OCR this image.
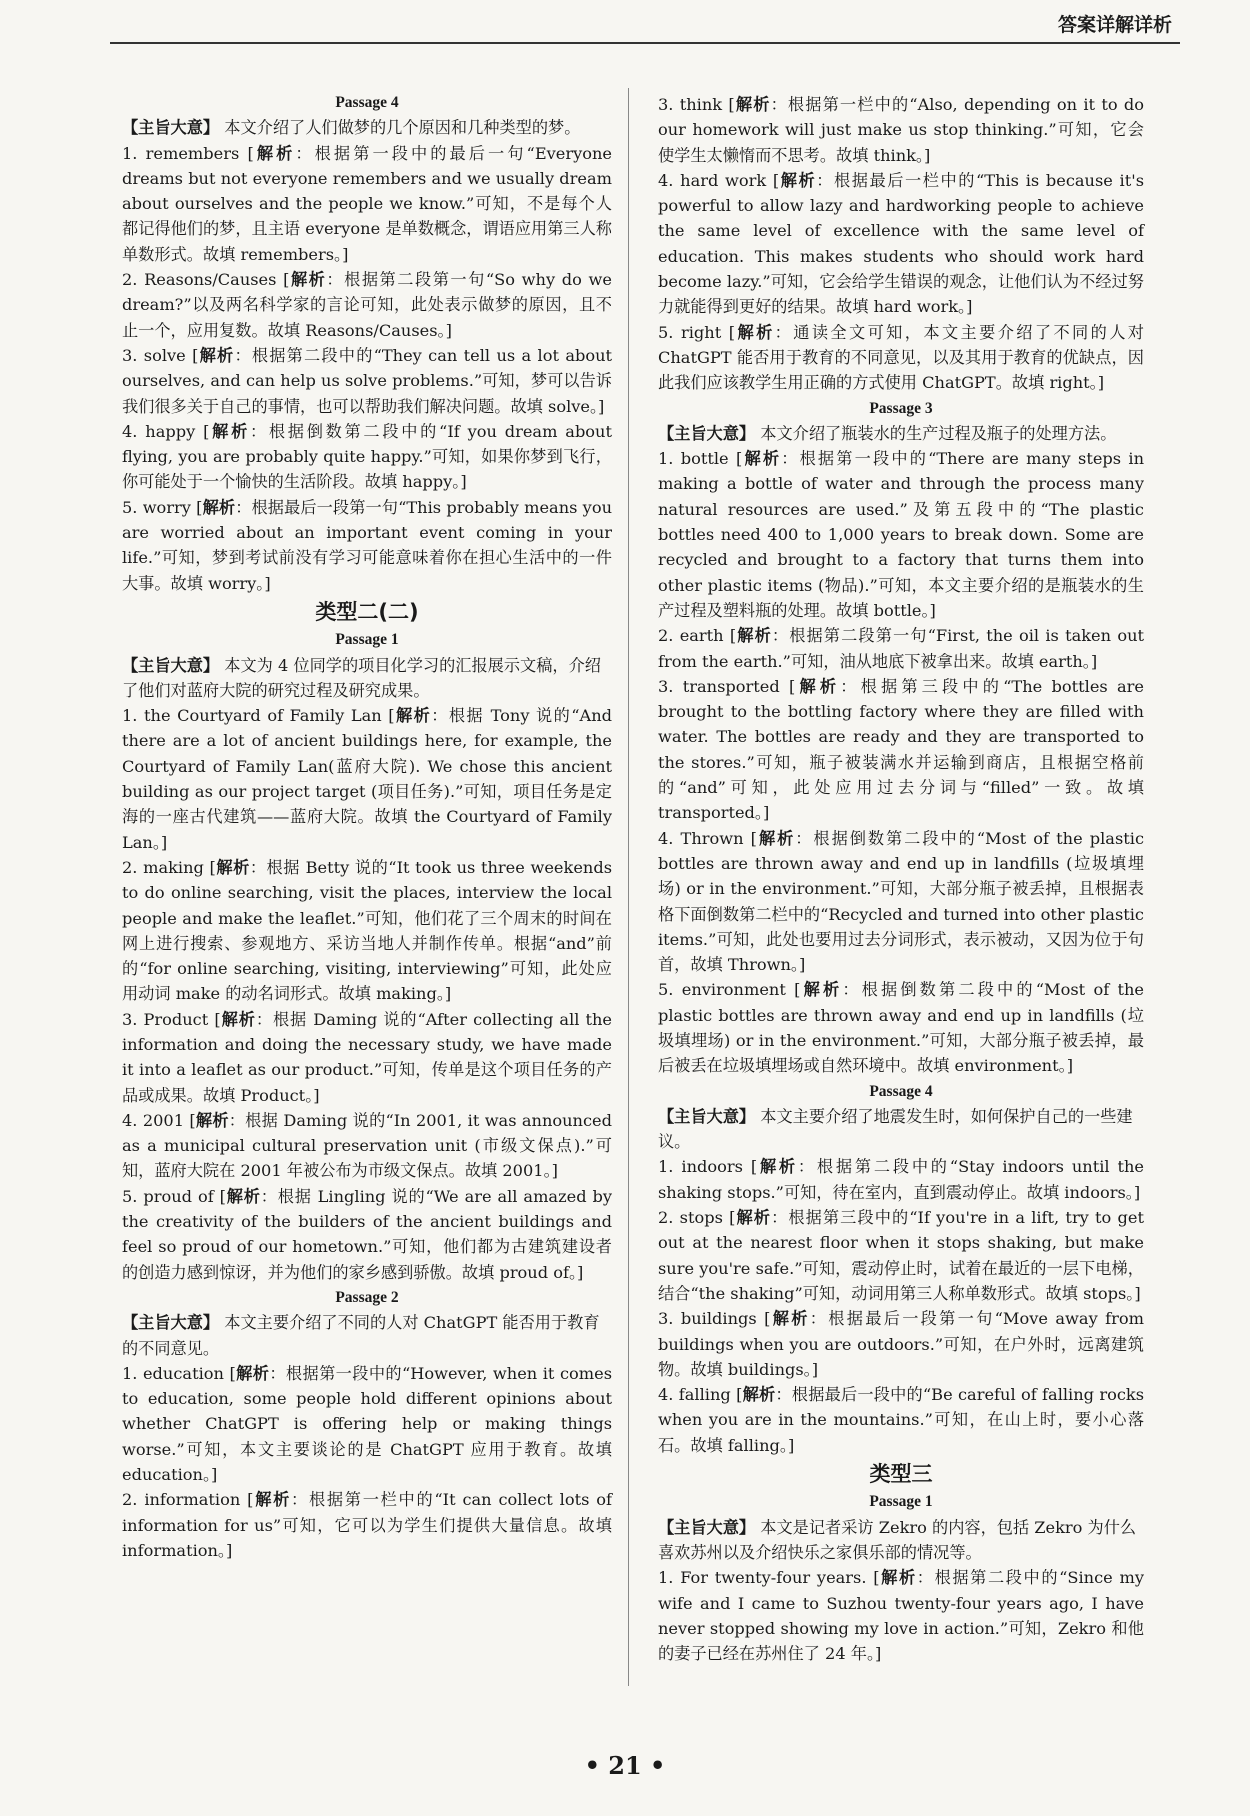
答案详解详析

Passage 4

【主旨大意】 本文介绍了人们做梦的几个原因和几种类型的梦。

1. remembers [解析：根据第一段中的最后一句“Everyone dreams but not everyone remembers and we usually dream about ourselves and the people we know.”可知，不是每个人都记得他们的梦，且主语 everyone 是单数概念，谓语应用第三人称单数形式。故填 remembers。]

2. Reasons/Causes [解析：根据第二段第一句“So why do we dream?”以及两名科学家的言论可知，此处表示做梦的原因，且不止一个，应用复数。故填 Reasons/Causes。]

3. solve [解析：根据第二段中的“They can tell us a lot about ourselves, and can help us solve problems.”可知，梦可以告诉我们很多关于自己的事情，也可以帮助我们解决问题。故填 solve。]

4. happy [解析：根据倒数第二段中的“If you dream about flying, you are probably quite happy.”可知，如果你梦到飞行，你可能处于一个愉快的生活阶段。故填 happy。]

5. worry [解析：根据最后一段第一句“This probably means you are worried about an important event coming in your life.”可知，梦到考试前没有学习可能意味着你在担心生活中的一件大事。故填 worry。]

类型二(二)

Passage 1

【主旨大意】 本文为 4 位同学的项目化学习的汇报展示文稿，介绍了他们对蓝府大院的研究过程及研究成果。

1. the Courtyard of Family Lan [解析：根据 Tony 说的“And there are a lot of ancient buildings here, for example, the Courtyard of Family Lan(蓝府大院). We chose this ancient building as our project target (项目任务).”可知，项目任务是定海的一座古代建筑——蓝府大院。故填 the Courtyard of Family Lan。]

2. making [解析：根据 Betty 说的“It took us three weekends to do online searching, visit the places, interview the local people and make the leaflet.”可知，他们花了三个周末的时间在网上进行搜索、参观地方、采访当地人并制作传单。根据“and”前的“for online searching, visiting, interviewing”可知，此处应用动词 make 的动名词形式。故填 making。]

3. Product [解析：根据 Daming 说的“After collecting all the information and doing the necessary study, we have made it into a leaflet as our product.”可知，传单是这个项目任务的产品或成果。故填 Product。]

4. 2001 [解析：根据 Daming 说的“In 2001, it was announced as a municipal cultural preservation unit (市级文保点).”可知，蓝府大院在 2001 年被公布为市级文保点。故填 2001。]

5. proud of [解析：根据 Lingling 说的“We are all amazed by the creativity of the builders of the ancient buildings and feel so proud of our hometown.”可知，他们都为古建筑建设者的创造力感到惊讶，并为他们的家乡感到骄傲。故填 proud of。]

Passage 2

【主旨大意】 本文主要介绍了不同的人对 ChatGPT 能否用于教育的不同意见。

1. education [解析：根据第一段中的“However, when it comes to education, some people hold different opinions about whether ChatGPT is offering help or making things worse.”可知，本文主要谈论的是 ChatGPT 应用于教育。故填 education。]

2. information [解析：根据第一栏中的“It can collect lots of information for us”可知，它可以为学生们提供大量信息。故填 information。]

3. think [解析：根据第一栏中的“Also, depending on it to do our homework will just make us stop thinking.”可知，它会使学生太懒惰而不思考。故填 think。]

4. hard work [解析：根据最后一栏中的“This is because it's powerful to allow lazy and hardworking people to achieve the same level of excellence with the same level of education. This makes students who should work hard become lazy.”可知，它会给学生错误的观念，让他们认为不经过努力就能得到更好的结果。故填 hard work。]

5. right [解析：通读全文可知，本文主要介绍了不同的人对 ChatGPT 能否用于教育的不同意见，以及其用于教育的优缺点，因此我们应该教学生用正确的方式使用 ChatGPT。故填 right。]

Passage 3

【主旨大意】 本文介绍了瓶装水的生产过程及瓶子的处理方法。

1. bottle [解析：根据第一段中的“There are many steps in making a bottle of water and through the process many natural resources are used.”及第五段中的“The plastic bottles need 400 to 1,000 years to break down. Some are recycled and brought to a factory that turns them into other plastic items (物品).”可知，本文主要介绍的是瓶装水的生产过程及塑料瓶的处理。故填 bottle。]

2. earth [解析：根据第二段第一句“First, the oil is taken out from the earth.”可知，油从地底下被拿出来。故填 earth。]

3. transported [解析：根据第三段中的“The bottles are brought to the bottling factory where they are filled with water. The bottles are ready and they are transported to the stores.”可知，瓶子被装满水并运输到商店，且根据空格前的“and”可知，此处应用过去分词与“filled”一致。故填 transported。]

4. Thrown [解析：根据倒数第二段中的“Most of the plastic bottles are thrown away and end up in landfills (垃圾填埋场) or in the environment.”可知，大部分瓶子被丢掉，且根据表格下面倒数第二栏中的“Recycled and turned into other plastic items.”可知，此处也要用过去分词形式，表示被动，又因为位于句首，故填 Thrown。]

5. environment [解析：根据倒数第二段中的“Most of the plastic bottles are thrown away and end up in landfills (垃圾填埋场) or in the environment.”可知，大部分瓶子被丢掉，最后被丢在垃圾填埋场或自然环境中。故填 environment。]

Passage 4

【主旨大意】 本文主要介绍了地震发生时，如何保护自己的一些建议。

1. indoors [解析：根据第二段中的“Stay indoors until the shaking stops.”可知，待在室内，直到震动停止。故填 indoors。]

2. stops [解析：根据第三段中的“If you're in a lift, try to get out at the nearest floor when it stops shaking, but make sure you're safe.”可知，震动停止时，试着在最近的一层下电梯，结合“the shaking”可知，动词用第三人称单数形式。故填 stops。]

3. buildings [解析：根据最后一段第一句“Move away from buildings when you are outdoors.”可知，在户外时，远离建筑物。故填 buildings。]

4. falling [解析：根据最后一段中的“Be careful of falling rocks when you are in the mountains.”可知，在山上时，要小心落石。故填 falling。]

类型三

Passage 1

【主旨大意】 本文是记者采访 Zekro 的内容，包括 Zekro 为什么喜欢苏州以及介绍快乐之家俱乐部的情况等。

1. For twenty-four years. [解析：根据第二段中的“Since my wife and I came to Suzhou twenty-four years ago, I have never stopped showing my love in action.”可知，Zekro 和他的妻子已经在苏州住了 24 年。]

• 21 •
